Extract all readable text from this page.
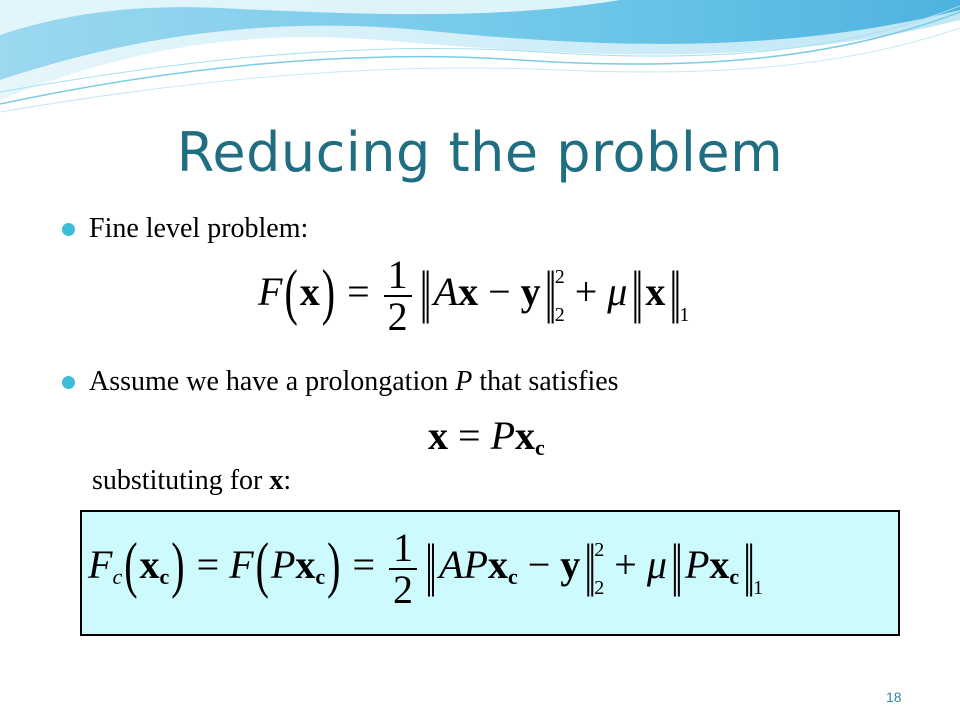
Reducing the problem
Fine level problem:
$F(x) = \frac{1}{2}$ || Ax − y || 22 + μ || x || 1
Assume we have a prolongation P that satisfies
x = Pxc
substituting for x:
$Fc(xc) = F(Pxc) = \frac{1}{2}$ || APxc − y || 22 + μ || Pxc || 1
18
